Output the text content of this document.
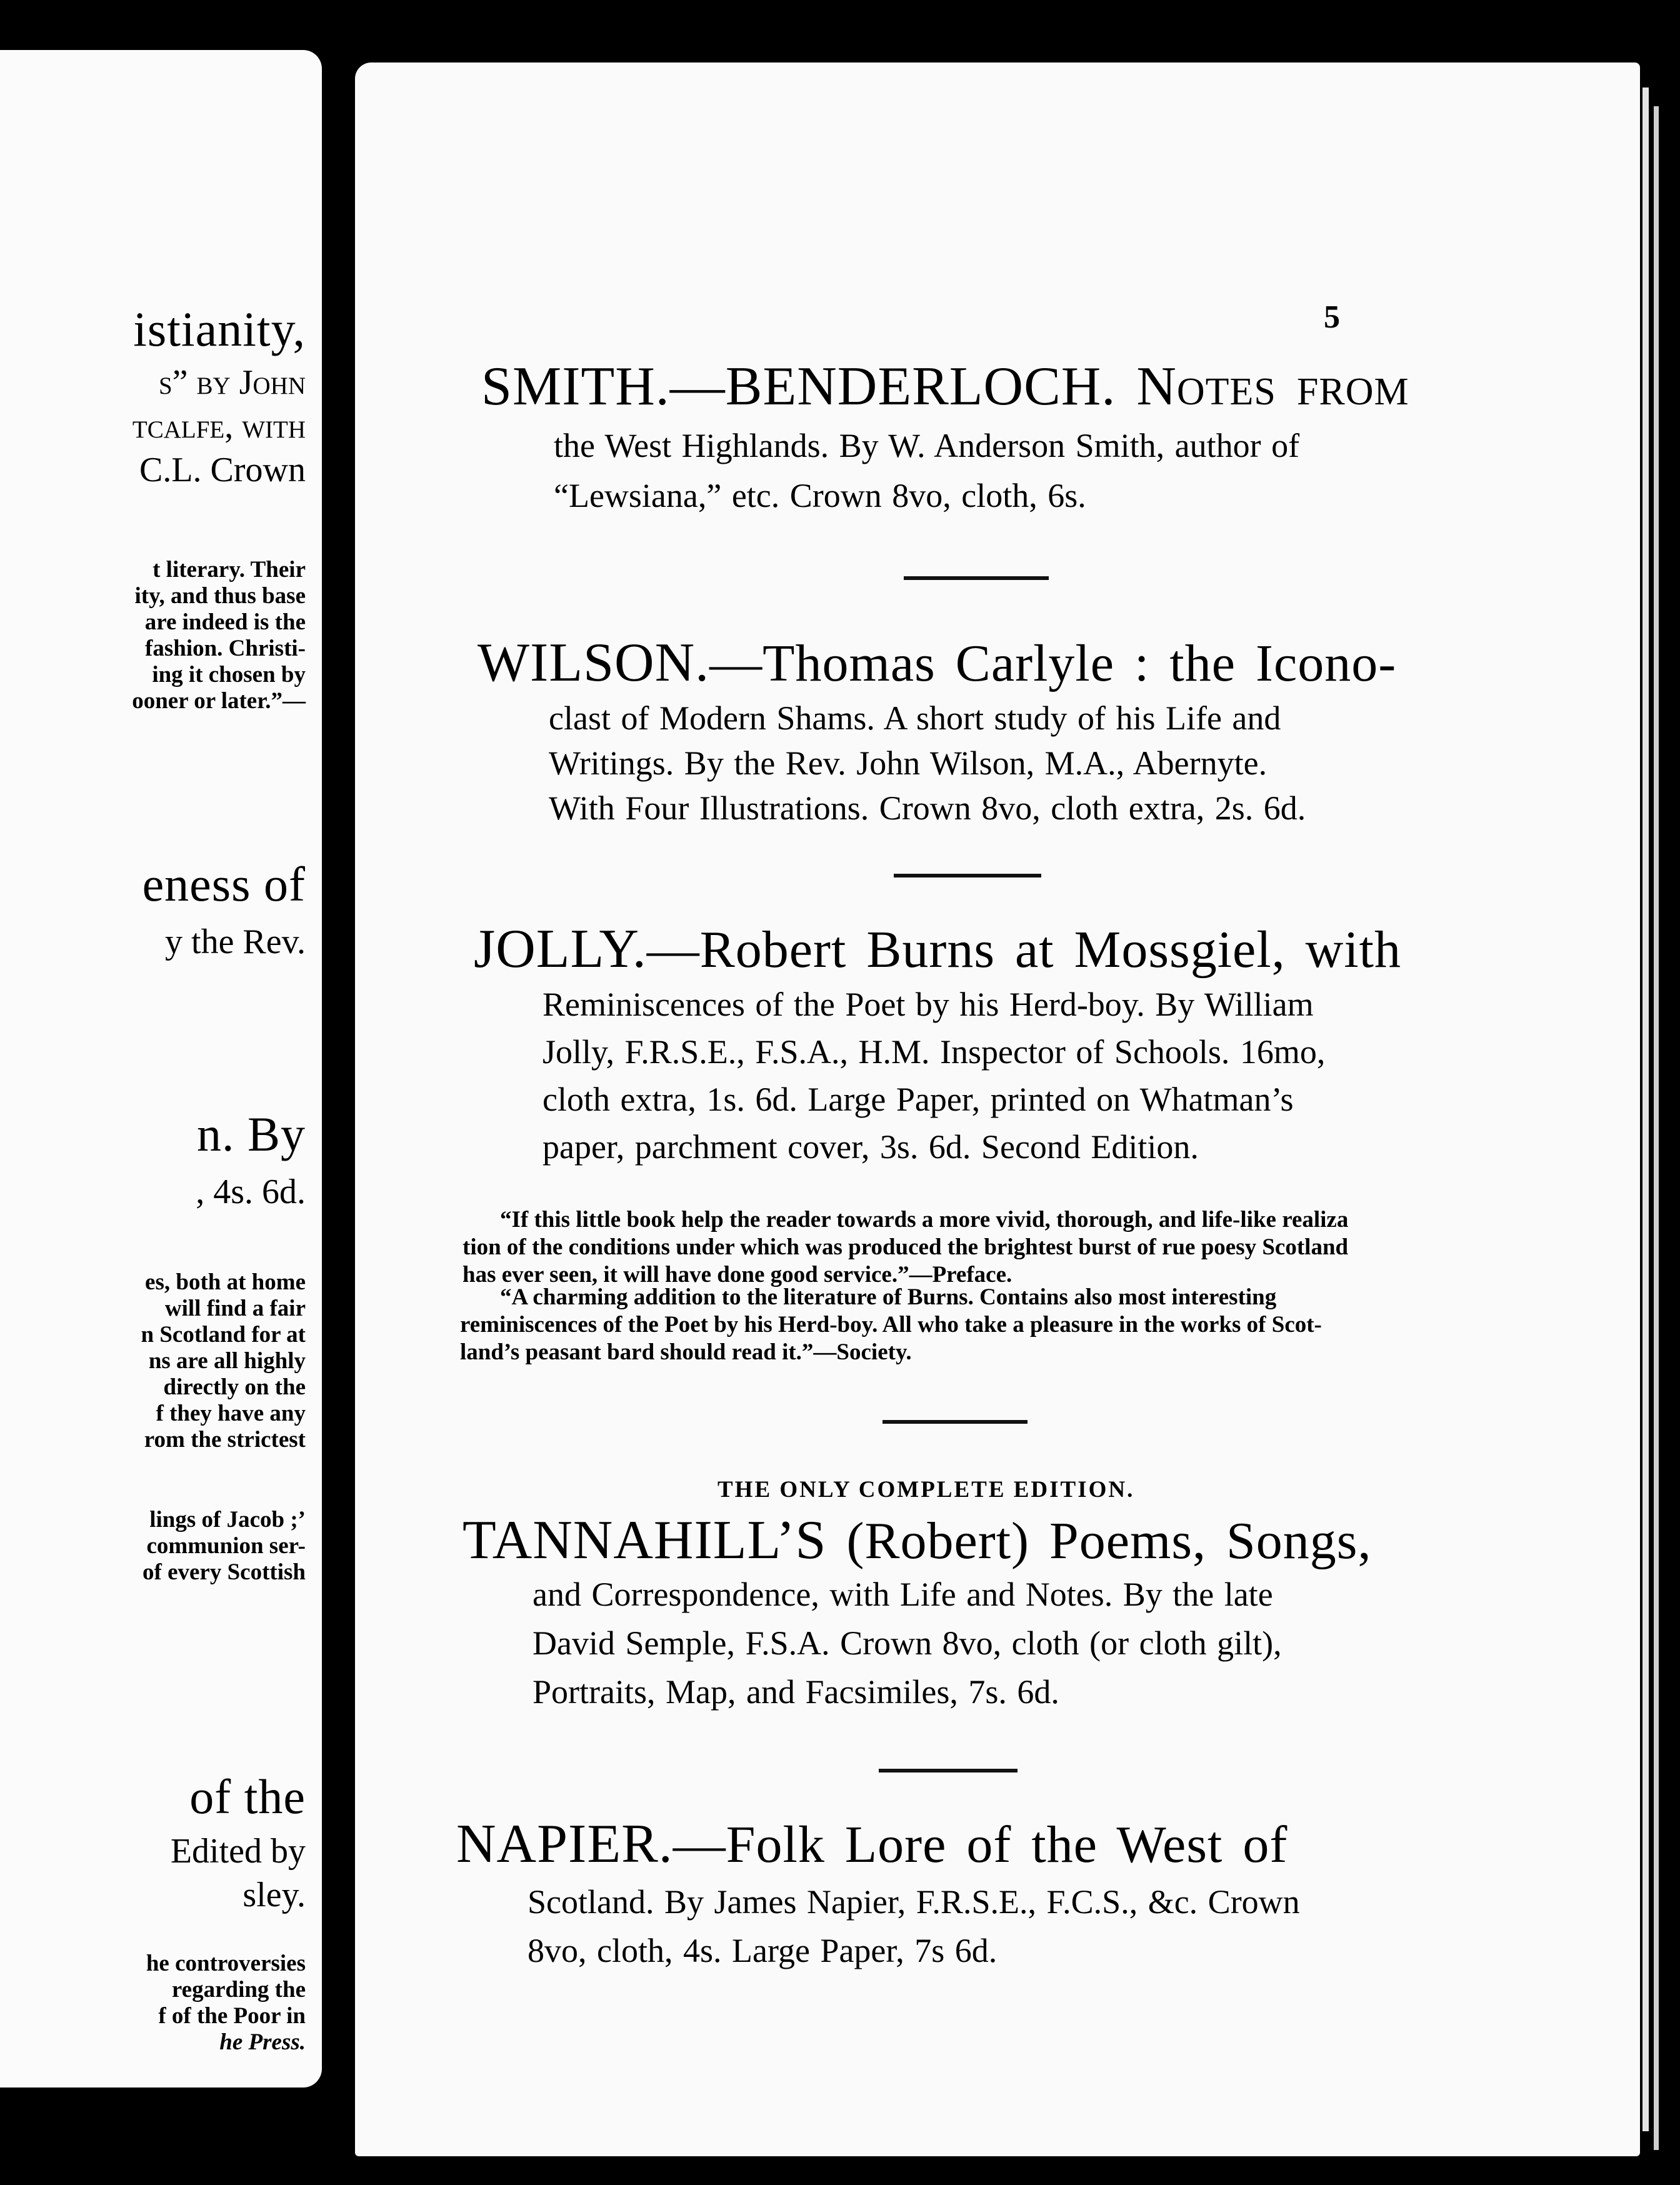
istianity,
s” by John
tcalfe, with
C.L. Crown
t literary. Their
ity, and thus base
are indeed is the
fashion. Christi-
ing it chosen by
ooner or later.”—
eness of
y the Rev.
n. By
, 4s. 6d.
es, both at home
will find a fair
n Scotland for at
ns are all highly
directly on the
f they have any
rom the strictest
lings of Jacob ;’
communion ser-
of every Scottish
of the
Edited by
sley.
he controversies
regarding the
f of the Poor in
he Press.
5
SMITH.—BENDERLOCH. Notes from
the West Highlands. By W. Anderson Smith, author of
“Lewsiana,” etc. Crown 8vo, cloth, 6s.
WILSON.—Thomas Carlyle : the Icono-
clast of Modern Shams. A short study of his Life and
Writings. By the Rev. John Wilson, M.A., Abernyte.
With Four Illustrations. Crown 8vo, cloth extra, 2s. 6d.
JOLLY.—Robert Burns at Mossgiel, with
Reminiscences of the Poet by his Herd-boy. By William
Jolly, F.R.S.E., F.S.A., H.M. Inspector of Schools. 16mo,
cloth extra, 1s. 6d. Large Paper, printed on Whatman’s
paper, parchment cover, 3s. 6d. Second Edition.
“If this little book help the reader towards a more vivid, thorough, and life-like realiza
tion of the conditions under which was produced the brightest burst of rue poesy Scotland
has ever seen, it will have done good service.”—Preface.
“A charming addition to the literature of Burns. Contains also most interesting
reminiscences of the Poet by his Herd-boy. All who take a pleasure in the works of Scot-
land’s peasant bard should read it.”—Society.
THE ONLY COMPLETE EDITION.
TANNAHILL’S (Robert) Poems, Songs,
and Correspondence, with Life and Notes. By the late
David Semple, F.S.A. Crown 8vo, cloth (or cloth gilt),
Portraits, Map, and Facsimiles, 7s. 6d.
NAPIER.—Folk Lore of the West of
Scotland. By James Napier, F.R.S.E., F.C.S., &c. Crown
8vo, cloth, 4s. Large Paper, 7s 6d.
